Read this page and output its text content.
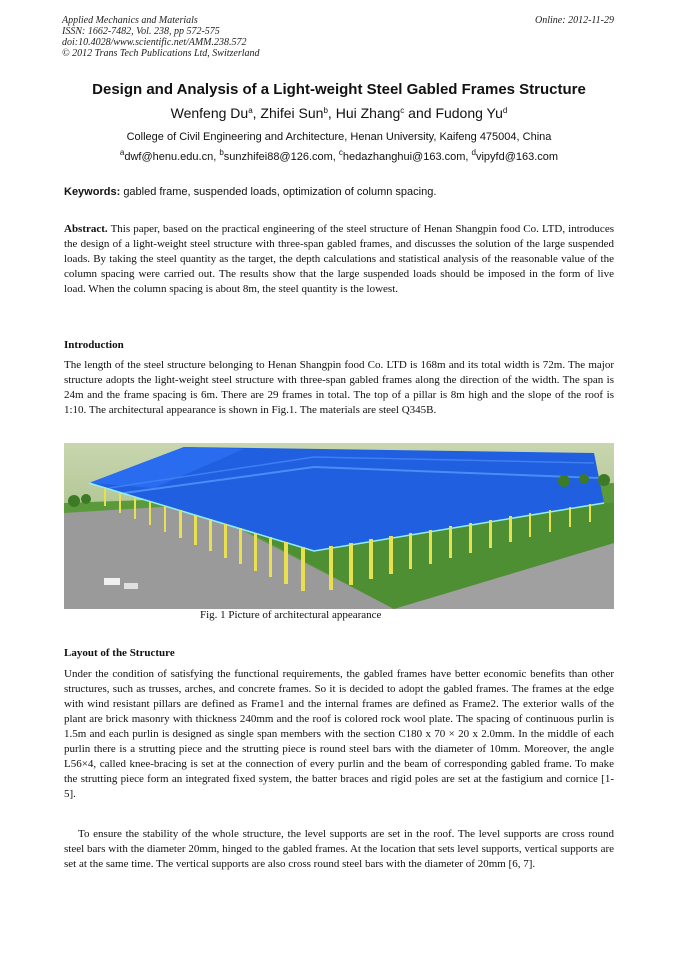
Applied Mechanics and Materials
ISSN: 1662-7482, Vol. 238, pp 572-575
doi:10.4028/www.scientific.net/AMM.238.572
© 2012 Trans Tech Publications Ltd, Switzerland
Online: 2012-11-29
Design and Analysis of a Light-weight Steel Gabled Frames Structure
Wenfeng Du$^a$, Zhifei Sun$^b$, Hui Zhang$^c$ and Fudong Yu$^d$
College of Civil Engineering and Architecture, Henan University, Kaifeng 475004, China
$^a$dwf@henu.edu.cn, $^b$sunzhifei88@126.com, $^c$hedazhanghui@163.com, $^d$vipyfd@163.com
Keywords: gabled frame, suspended loads, optimization of column spacing.

Abstract. This paper, based on the practical engineering of the steel structure of Henan Shangpin food Co. LTD, introduces the design of a light-weight steel structure with three-span gabled frames, and discusses the solution of the large suspended loads. By taking the steel quantity as the target, the depth calculations and statistical analysis of the reasonable value of the column spacing were carried out. The results show that the large suspended loads should be imposed in the form of live load. When the column spacing is about 8m, the steel quantity is the lowest.

Introduction

The length of the steel structure belonging to Henan Shangpin food Co. LTD is 168m and its total width is 72m. The major structure adopts the light-weight steel structure with three-span gabled frames along the direction of the width. The span is 24m and the frame spacing is 6m. There are 29 frames in total. The top of a pillar is 8m high and the slope of the roof is 1:10. The architectural appearance is shown in Fig.1. The materials are steel Q345B.

Fig. 1 Picture of architectural appearance
Layout of the Structure

Under the condition of satisfying the functional requirements, the gabled frames have better economic benefits than other structures, such as trusses, arches, and concrete frames. So it is decided to adopt the gabled frames. The frames at the edge with wind resistant pillars are defined as Frame1 and the internal frames are defined as Frame2. The exterior walls of the plant are brick masonry with thickness 240mm and the roof is colored rock wool plate. The spacing of continuous purlin is 1.5m and each purlin is designed as single span members with the section C180 x 70 × 20 x 2.0mm. In the middle of each purlin there is a strutting piece and the strutting piece is round steel bars with the diameter of 10mm. Moreover, the angle L56×4, called knee-bracing is set at the connection of every purlin and the beam of corresponding gabled frame. To make the strutting piece form an integrated fixed system, the batter braces and rigid poles are set at the fastigium and cornice [1-5].

To ensure the stability of the whole structure, the level supports are set in the roof. The level supports are cross round steel bars with the diameter 20mm, hinged to the gabled frames. At the location that sets level supports, vertical supports are set at the same time. The vertical supports are also cross round steel bars with the diameter of 20mm [6, 7].
